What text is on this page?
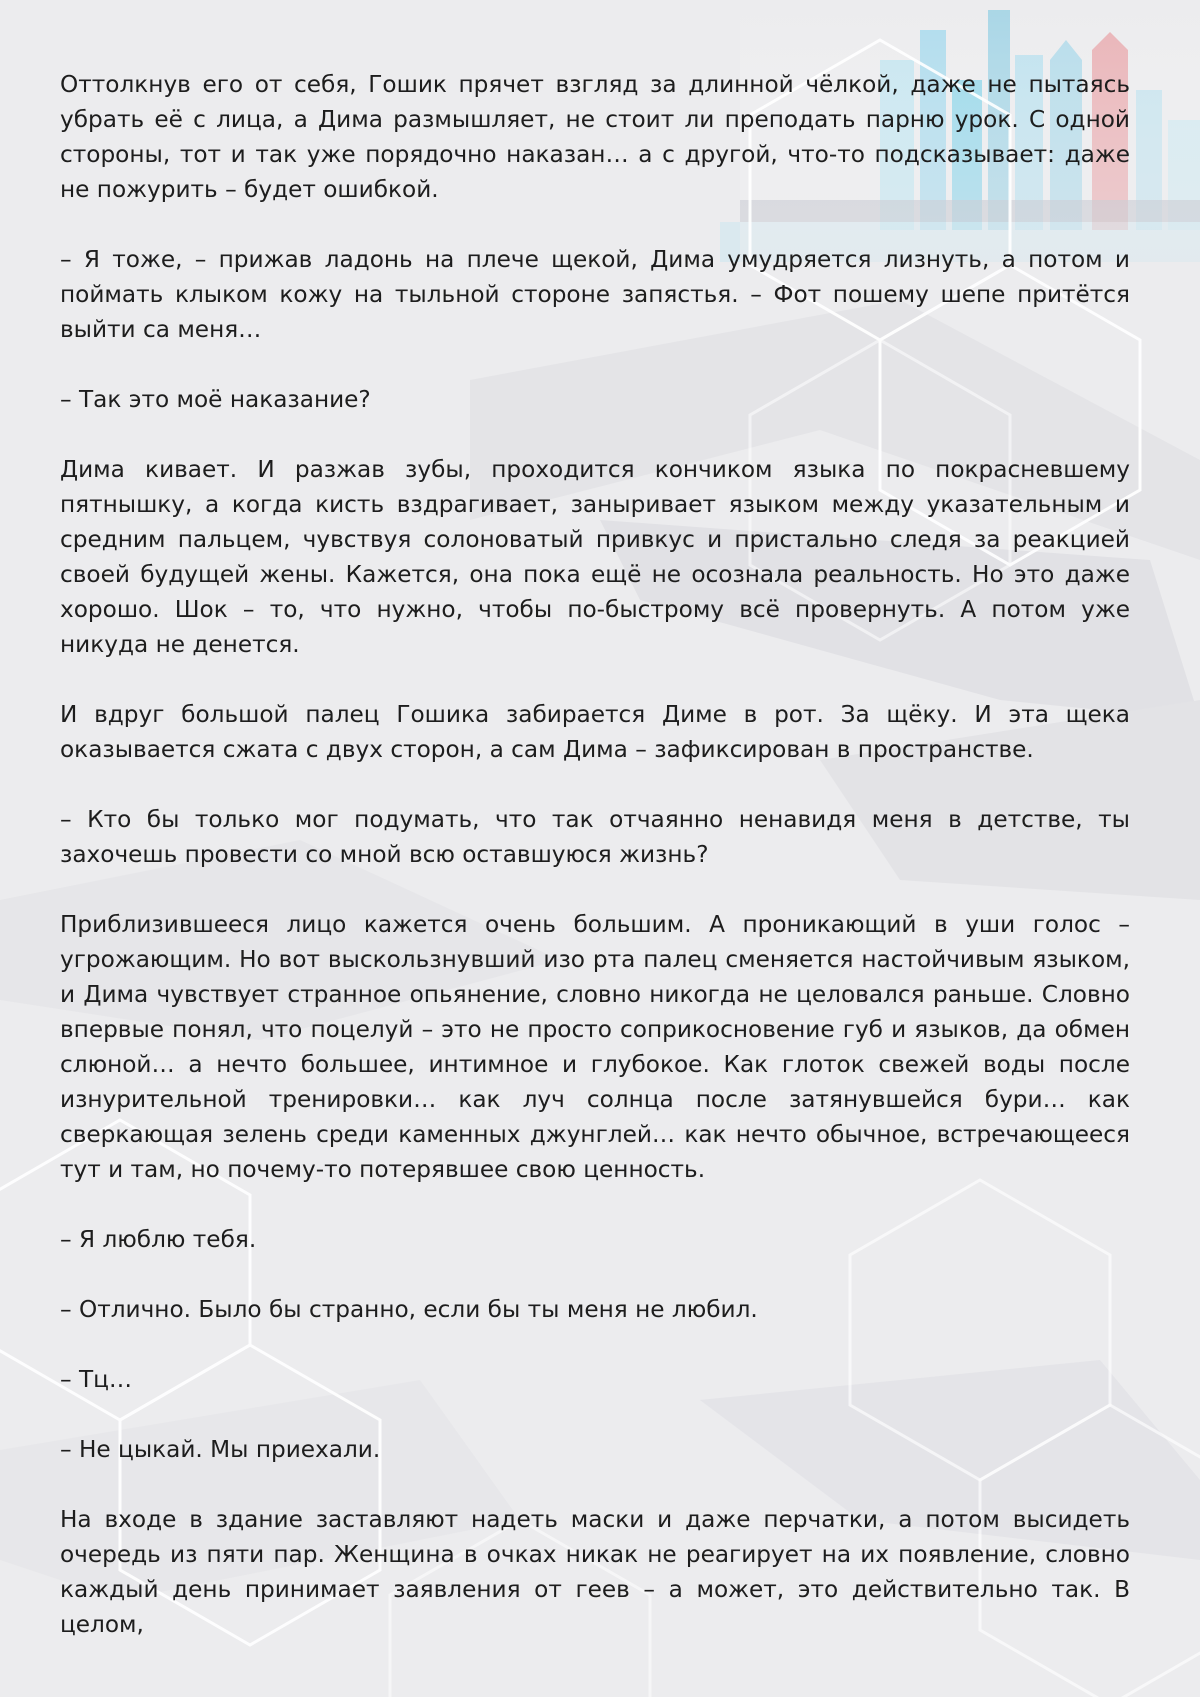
Оттолкнув его от себя, Гошик прячет взгляд за длинной чёлкой, даже не пытаясь убрать её с лица, а Дима размышляет, не стоит ли преподать парню урок. С одной стороны, тот и так уже порядочно наказан… а с другой, что-то подсказывает: даже не пожурить – будет ошибкой.

– Я тоже, – прижав ладонь на плече щекой, Дима умудряется лизнуть, а потом и поймать клыком кожу на тыльной стороне запястья. – Фот пошему шепе притётся выйти са меня…

– Так это моё наказание?

Дима кивает. И разжав зубы, проходится кончиком языка по покрасневшему пятнышку, а когда кисть вздрагивает, заныривает языком между указательным и средним пальцем, чувствуя солоноватый привкус и пристально следя за реакцией своей будущей жены. Кажется, она пока ещё не осознала реальность. Но это даже хорошо. Шок – то, что нужно, чтобы по-быстрому всё провернуть. А потом уже никуда не денется.

И вдруг большой палец Гошика забирается Диме в рот. За щёку. И эта щека оказывается сжата с двух сторон, а сам Дима – зафиксирован в пространстве.

– Кто бы только мог подумать, что так отчаянно ненавидя меня в детстве, ты захочешь провести со мной всю оставшуюся жизнь?

Приблизившееся лицо кажется очень большим. А проникающий в уши голос – угрожающим. Но вот выскользнувший изо рта палец сменяется настойчивым языком, и Дима чувствует странное опьянение, словно никогда не целовался раньше. Словно впервые понял, что поцелуй – это не просто соприкосновение губ и языков, да обмен слюной… а нечто большее, интимное и глубокое. Как глоток свежей воды после изнурительной тренировки… как луч солнца после затянувшейся бури… как сверкающая зелень среди каменных джунглей… как нечто обычное, встречающееся тут и там, но почему-то потерявшее свою ценность.

– Я люблю тебя.

– Отлично. Было бы странно, если бы ты меня не любил.

– Тц…

– Не цыкай. Мы приехали.

На входе в здание заставляют надеть маски и даже перчатки, а потом высидеть очередь из пяти пар. Женщина в очках никак не реагирует на их появление, словно каждый день принимает заявления от геев – а может, это действительно так. В целом,
